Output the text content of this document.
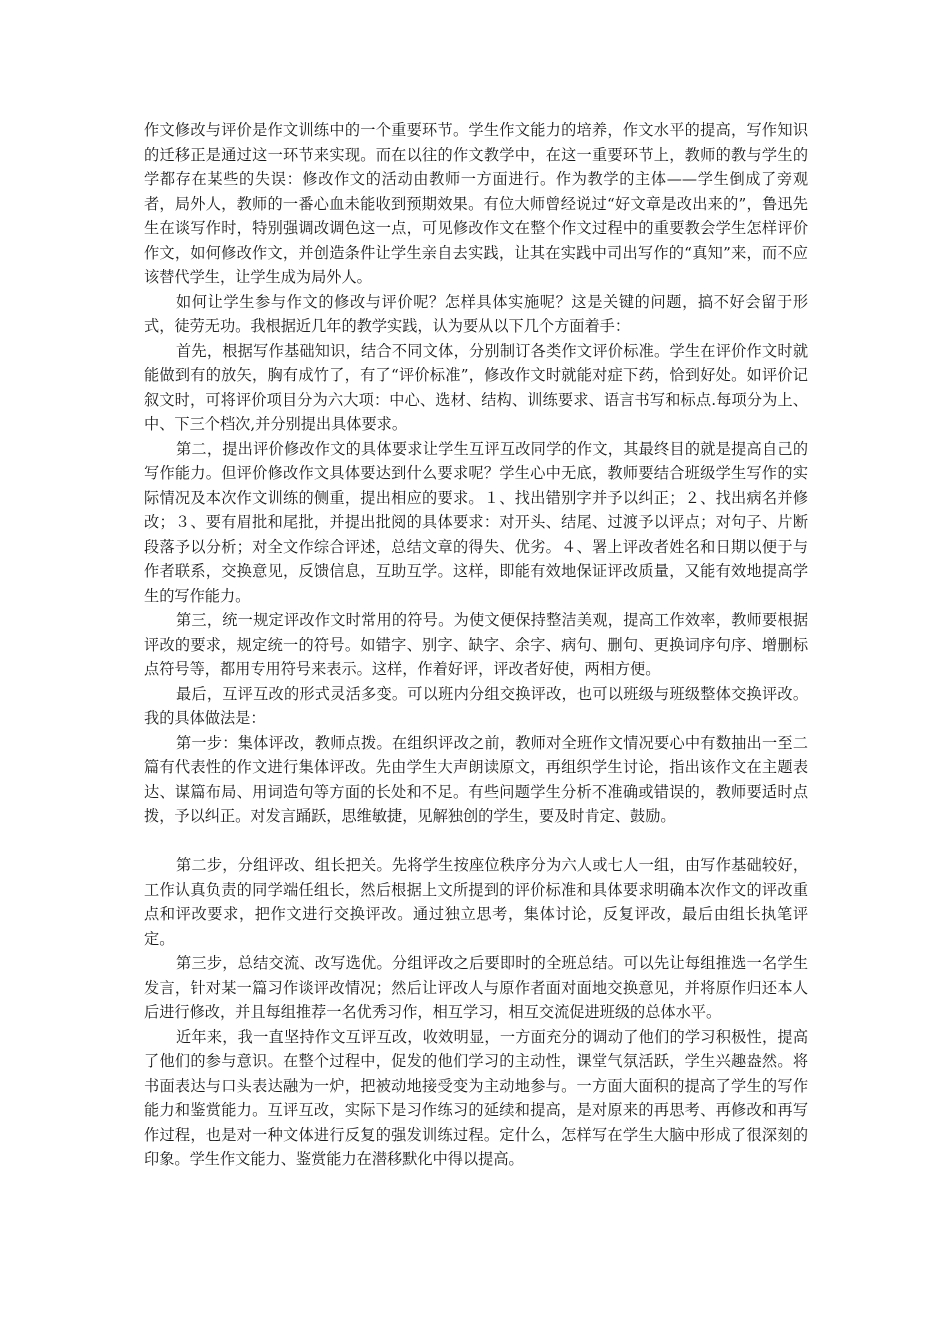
作文修改与评价是作文训练中的一个重要环节。学生作文能力的培养，作文水平的提高，写作知识的迁移正是通过这一环节来实现。而在以往的作文教学中，在这一重要环节上，教师的教与学生的学都存在某些的失误：修改作文的活动由教师一方面进行。作为教学的主体——学生倒成了旁观者，局外人，教师的一番心血未能收到预期效果。有位大师曾经说过“好文章是改出来的”，鲁迅先生在谈写作时，特别强调改调色这一点，可见修改作文在整个作文过程中的重要教会学生怎样评价作文，如何修改作文，并创造条件让学生亲自去实践，让其在实践中司出写作的“真知”来，而不应该替代学生，让学生成为局外人。

如何让学生参与作文的修改与评价呢？怎样具体实施呢？这是关键的问题，搞不好会留于形式，徒劳无功。我根据近几年的教学实践，认为要从以下几个方面着手：

首先，根据写作基础知识，结合不同文体，分别制订各类作文评价标准。学生在评价作文时就能做到有的放矢，胸有成竹了，有了“评价标准”，修改作文时就能对症下药，恰到好处。如评价记叙文时，可将评价项目分为六大项：中心、选材、结构、训练要求、语言书写和标点.每项分为上、中、下三个档次,并分别提出具体要求。

第二，提出评价修改作文的具体要求让学生互评互改同学的作文，其最终目的就是提高自己的写作能力。但评价修改作文具体要达到什么要求呢？学生心中无底，教师要结合班级学生写作的实际情况及本次作文训练的侧重，提出相应的要求。１、找出错别字并予以纠正；２、找出病名并修改；３、要有眉批和尾批，并提出批阅的具体要求：对开头、结尾、过渡予以评点；对句子、片断段落予以分析；对全文作综合评述，总结文章的得失、优劣。４、署上评改者姓名和日期以便于与作者联系，交换意见，反馈信息，互助互学。这样，即能有效地保证评改质量，又能有效地提高学生的写作能力。

第三，统一规定评改作文时常用的符号。为使文便保持整洁美观，提高工作效率，教师要根据评改的要求，规定统一的符号。如错字、别字、缺字、余字、病句、删句、更换词序句序、增删标点符号等，都用专用符号来表示。这样，作着好评，评改者好使，两相方便。

最后，互评互改的形式灵活多变。可以班内分组交换评改，也可以班级与班级整体交换评改。我的具体做法是：

第一步：集体评改，教师点拨。在组织评改之前，教师对全班作文情况要心中有数抽出一至二篇有代表性的作文进行集体评改。先由学生大声朗读原文，再组织学生讨论，指出该作文在主题表达、谋篇布局、用词造句等方面的长处和不足。有些问题学生分析不准确或错误的，教师要适时点拨，予以纠正。对发言踊跃，思维敏捷，见解独创的学生，要及时肯定、鼓励。

第二步，分组评改、组长把关。先将学生按座位秩序分为六人或七人一组，由写作基础较好，工作认真负责的同学端任组长，然后根据上文所提到的评价标准和具体要求明确本次作文的评改重点和评改要求，把作文进行交换评改。通过独立思考，集体讨论，反复评改，最后由组长执笔评定。

第三步，总结交流、改写选优。分组评改之后要即时的全班总结。可以先让每组推选一名学生发言，针对某一篇习作谈评改情况；然后让评改人与原作者面对面地交换意见，并将原作归还本人后进行修改，并且每组推荐一名优秀习作，相互学习，相互交流促进班级的总体水平。

近年来，我一直坚持作文互评互改，收效明显，一方面充分的调动了他们的学习积极性，提高了他们的参与意识。在整个过程中，促发的他们学习的主动性，课堂气氛活跃，学生兴趣盎然。将书面表达与口头表达融为一炉，把被动地接受变为主动地参与。一方面大面积的提高了学生的写作能力和鉴赏能力。互评互改，实际下是习作练习的延续和提高，是对原来的再思考、再修改和再写作过程，也是对一种文体进行反复的强发训练过程。定什么，怎样写在学生大脑中形成了很深刻的印象。学生作文能力、鉴赏能力在潜移默化中得以提高。
